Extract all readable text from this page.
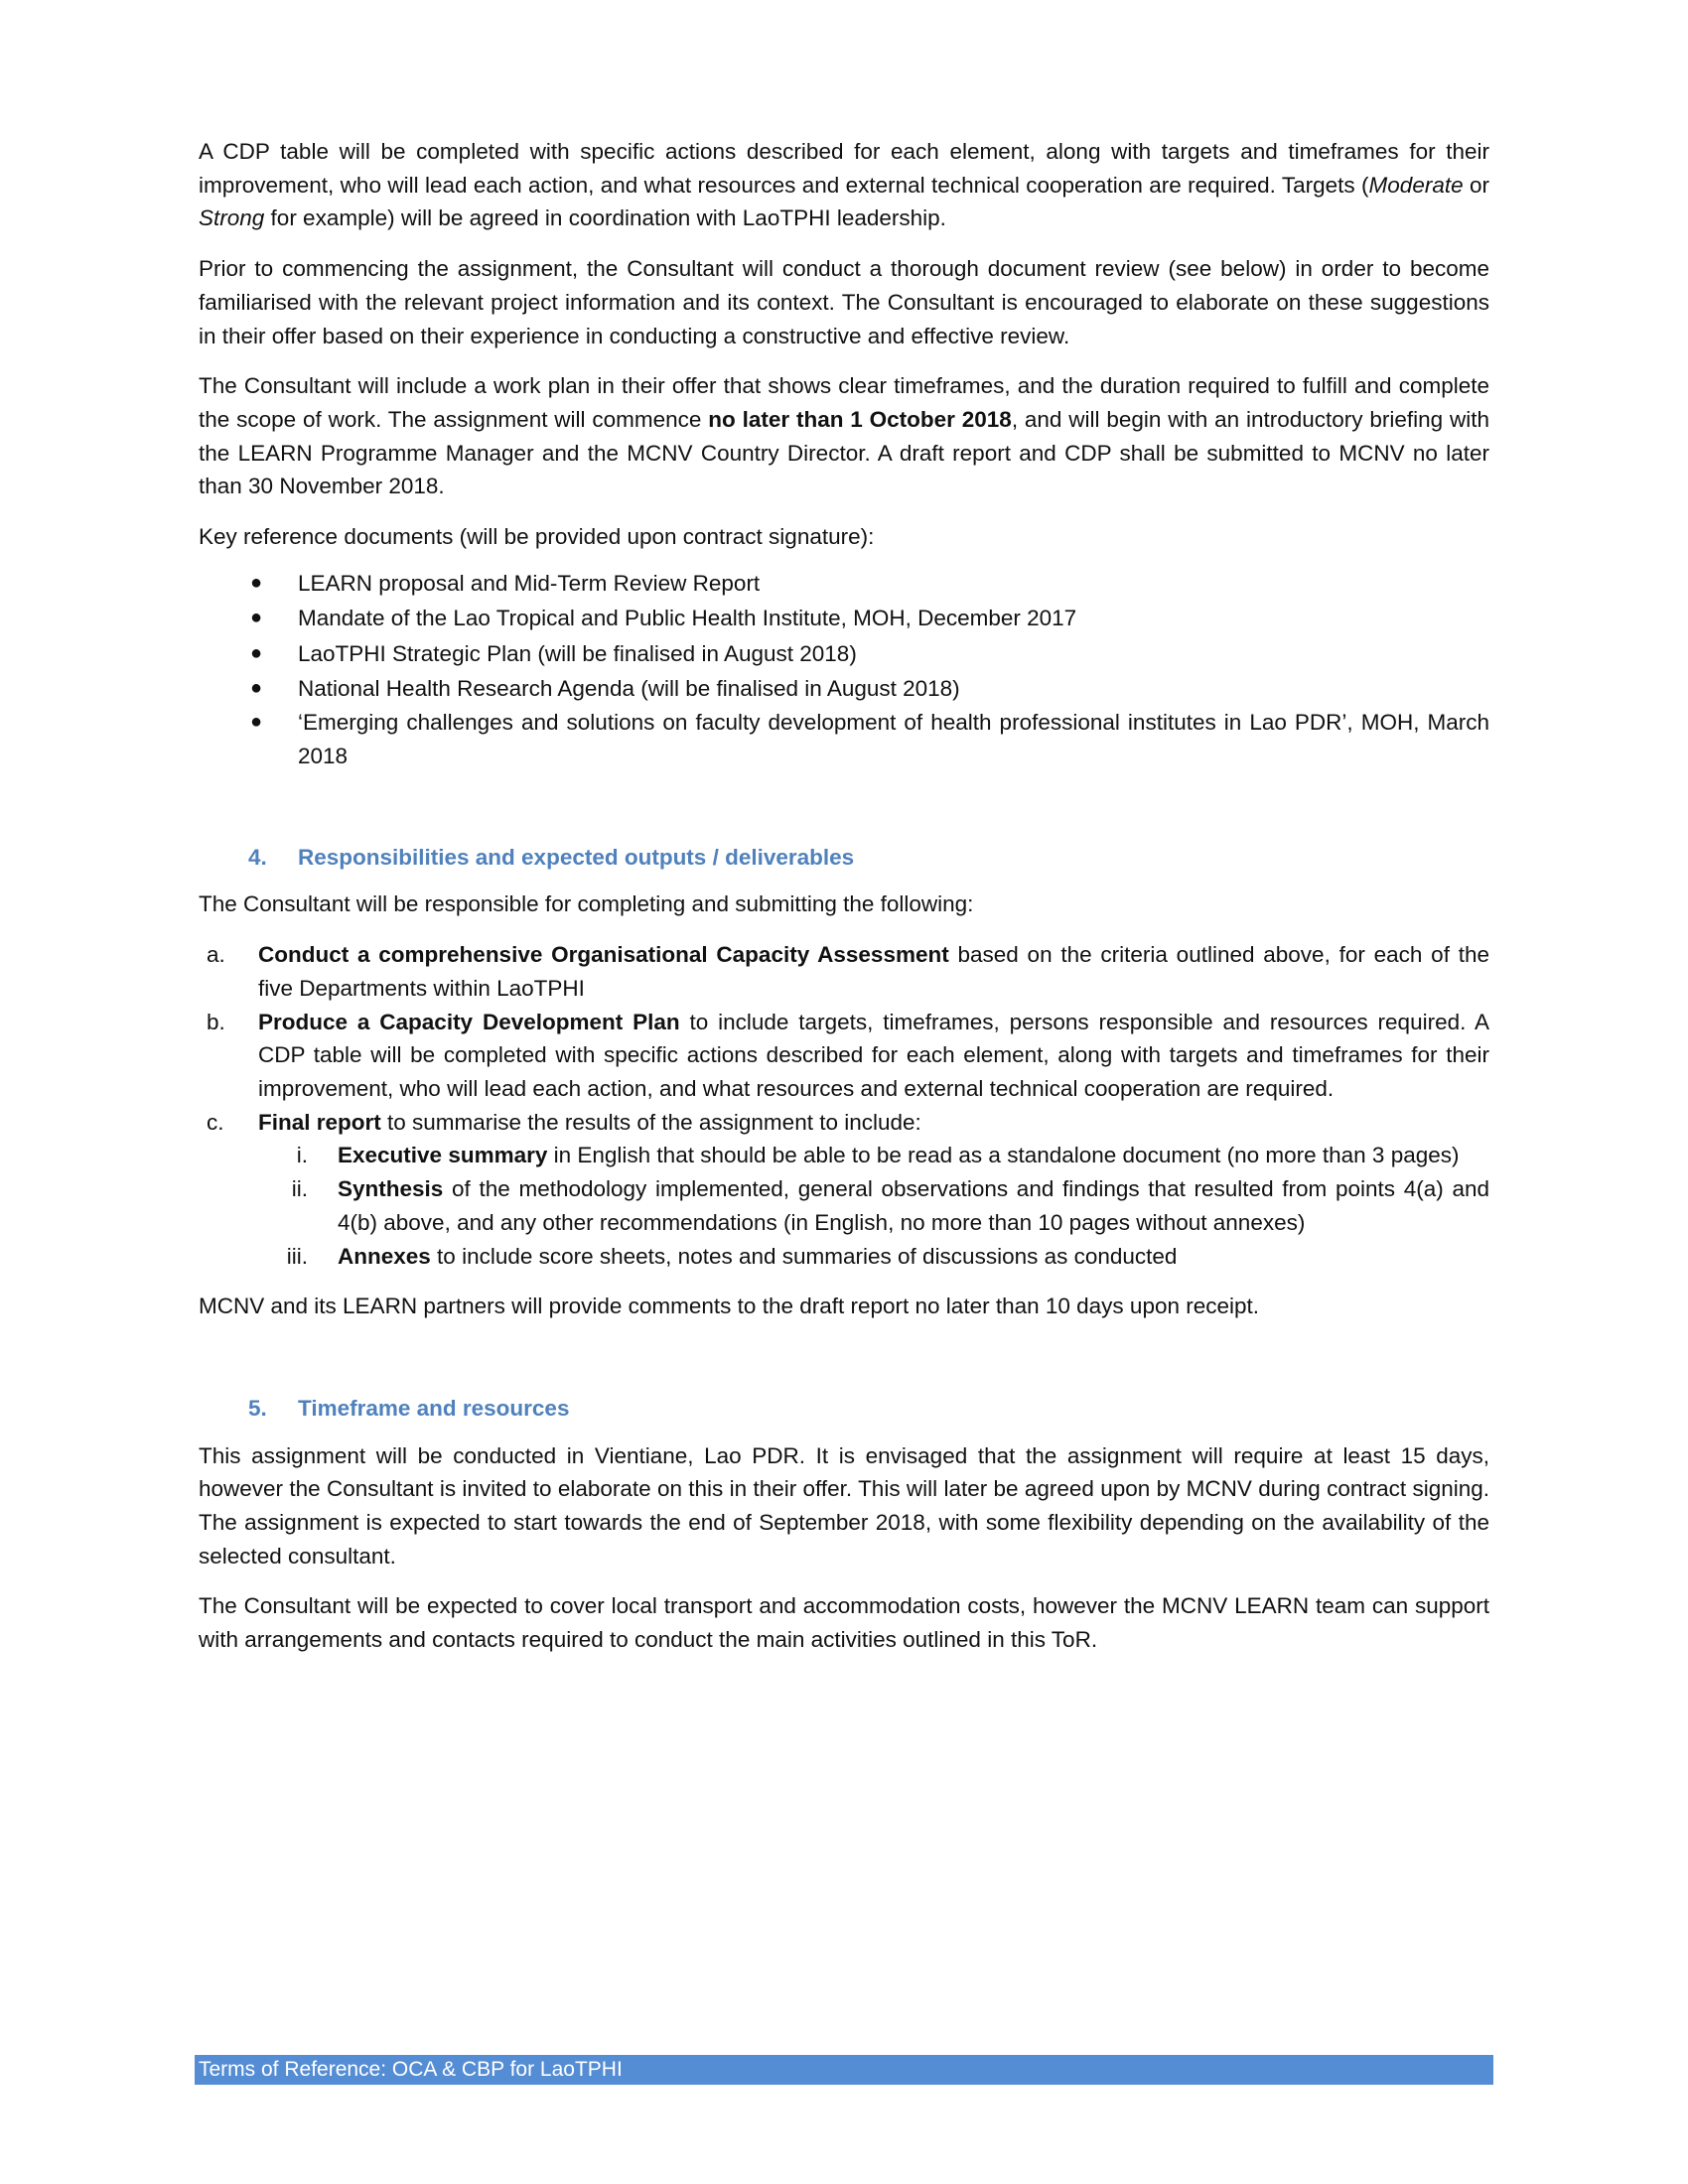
A CDP table will be completed with specific actions described for each element, along with targets and timeframes for their improvement, who will lead each action, and what resources and external technical cooperation are required. Targets (Moderate or Strong for example) will be agreed in coordination with LaoTPHI leadership.

Prior to commencing the assignment, the Consultant will conduct a thorough document review (see below) in order to become familiarised with the relevant project information and its context. The Consultant is encouraged to elaborate on these suggestions in their offer based on their experience in conducting a constructive and effective review.

The Consultant will include a work plan in their offer that shows clear timeframes, and the duration required to fulfill and complete the scope of work. The assignment will commence no later than 1 October 2018, and will begin with an introductory briefing with the LEARN Programme Manager and the MCNV Country Director. A draft report and CDP shall be submitted to MCNV no later than 30 November 2018.

Key reference documents (will be provided upon contract signature):

● LEARN proposal and Mid-Term Review Report
● Mandate of the Lao Tropical and Public Health Institute, MOH, December 2017
● LaoTPHI Strategic Plan (will be finalised in August 2018)
● National Health Research Agenda (will be finalised in August 2018)
● ‘Emerging challenges and solutions on faculty development of health professional institutes in Lao PDR’, MOH, March 2018
4. Responsibilities and expected outputs / deliverables

The Consultant will be responsible for completing and submitting the following:

a. Conduct a comprehensive Organisational Capacity Assessment based on the criteria outlined above, for each of the five Departments within LaoTPHI
b. Produce a Capacity Development Plan to include targets, timeframes, persons responsible and resources required. A CDP table will be completed with specific actions described for each element, along with targets and timeframes for their improvement, who will lead each action, and what resources and external technical cooperation are required.
c. Final report to summarise the results of the assignment to include:
i. Executive summary in English that should be able to be read as a standalone document (no more than 3 pages)
ii. Synthesis of the methodology implemented, general observations and findings that resulted from points 4(a) and 4(b) above, and any other recommendations (in English, no more than 10 pages without annexes)
iii. Annexes to include score sheets, notes and summaries of discussions as conducted

MCNV and its LEARN partners will provide comments to the draft report no later than 10 days upon receipt.

5. Timeframe and resources

This assignment will be conducted in Vientiane, Lao PDR. It is envisaged that the assignment will require at least 15 days, however the Consultant is invited to elaborate on this in their offer. This will later be agreed upon by MCNV during contract signing. The assignment is expected to start towards the end of September 2018, with some flexibility depending on the availability of the selected consultant.

The Consultant will be expected to cover local transport and accommodation costs, however the MCNV LEARN team can support with arrangements and contacts required to conduct the main activities outlined in this ToR.

Terms of Reference: OCA & CBP for LaoTPHI
